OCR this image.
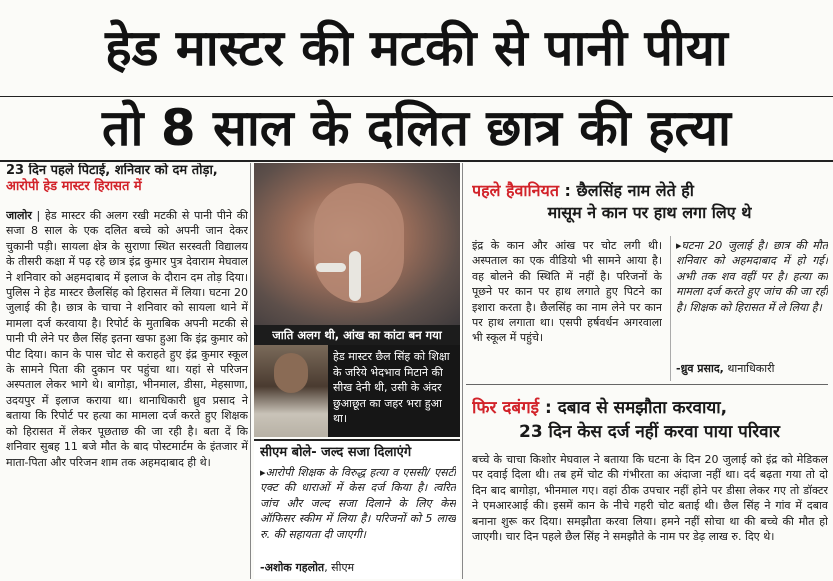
हेड मास्टर की मटकी से पानी पीया
तो 8 साल के दलित छात्र की हत्या
23 दिन पहले पिटाई, शनिवार को दम तोड़ा, आरोपी हेड मास्टर हिरासत में
जालोर | हेड मास्टर की अलग रखी मटकी से पानी पीने की सजा 8 साल के एक दलित बच्चे को अपनी जान देकर चुकानी पड़ी। सायला क्षेत्र के सुराणा स्थित सरस्वती विद्यालय के तीसरी कक्षा में पढ़ रहे छात्र इंद्र कुमार पुत्र देवाराम मेघवाल ने शनिवार को अहमदाबाद में इलाज के दौरान दम तोड़ दिया। पुलिस ने हेड मास्टर छैलसिंह को हिरासत में लिया। घटना 20 जुलाई की है। छात्र के चाचा ने शनिवार को सायला थाने में मामला दर्ज करवाया है। रिपोर्ट के मुताबिक अपनी मटकी से पानी पी लेने पर छैल सिंह इतना खफा हुआ कि इंद्र कुमार को पीट दिया। कान के पास चोट से कराहते हुए इंद्र कुमार स्कूल के सामने पिता की दुकान पर पहुंचा था। यहां से परिजन अस्पताल लेकर भागे थे। बागोड़ा, भीनमाल, डीसा, मेहसाणा, उदयपुर में इलाज कराया था। थानाधिकारी ध्रुव प्रसाद ने बताया कि रिपोर्ट पर हत्या का मामला दर्ज करते हुए शिक्षक को हिरासत में लेकर पूछताछ की जा रही है। बता दें कि शनिवार सुबह 11 बजे मौत के बाद पोस्टमार्टम के इंतजार में माता-पिता और परिजन शाम तक अहमदाबाद ही थे।
जाति अलग थी, आंख का कांटा बन गया
हेड मास्टर छैल सिंह को शिक्षा के जरिये भेदभाव मिटाने की सीख देनी थी, उसी के अंदर छुआछूत का जहर भरा हुआ था।
सीएम बोले- जल्द सजा दिलाएंगे
▸आरोपी शिक्षक के विरुद्ध हत्या व एससी/ एसटी एक्ट की धाराओं में केस दर्ज किया है। त्वरित जांच और जल्द सजा दिलाने के लिए केस ऑफिसर स्कीम में लिया है। परिजनों को 5 लाख रु. की सहायता दी जाएगी।
-अशोक गहलोत, सीएम
पहले हैवानियत : छैलसिंह नाम लेते ही
मासूम ने कान पर हाथ लगा लिए थे
इंद्र के कान और आंख पर चोट लगी थी। अस्पताल का एक वीडियो भी सामने आया है। वह बोलने की स्थिति में नहीं है। परिजनों के पूछने पर कान पर हाथ लगाते हुए पिटने का इशारा करता है। छैलसिंह का नाम लेने पर कान पर हाथ लगाता था। एसपी हर्षवर्धन अगरवाला भी स्कूल में पहुंचे।
▸घटना 20 जुलाई है। छात्र की मौत शनिवार को अहमदाबाद में हो गई। अभी तक शव वहीं पर है। हत्या का मामला दर्ज करते हुए जांच की जा रही है। शिक्षक को हिरासत में ले लिया है।
-ध्रुव प्रसाद, थानाधिकारी
फिर दबंगई : दबाव से समझौता करवाया,
23 दिन केस दर्ज नहीं करवा पाया परिवार
बच्चे के चाचा किशोर मेघवाल ने बताया कि घटना के दिन 20 जुलाई को इंद्र को मेडिकल पर दवाई दिला थी। तब हमें चोट की गंभीरता का अंदाजा नहीं था। दर्द बढ़ता गया तो दो दिन बाद बागोड़ा, भीनमाल गए। वहां ठीक उपचार नहीं होने पर डीसा लेकर गए तो डॉक्टर ने एमआरआई की। इसमें कान के नीचे गहरी चोट बताई थी। छैल सिंह ने गांव में दबाव बनाना शुरू कर दिया। समझौता करवा लिया। हमने नहीं सोचा था की बच्चे की मौत हो जाएगी। चार दिन पहले छैल सिंह ने समझौते के नाम पर डेढ़ लाख रु. दिए थे।
